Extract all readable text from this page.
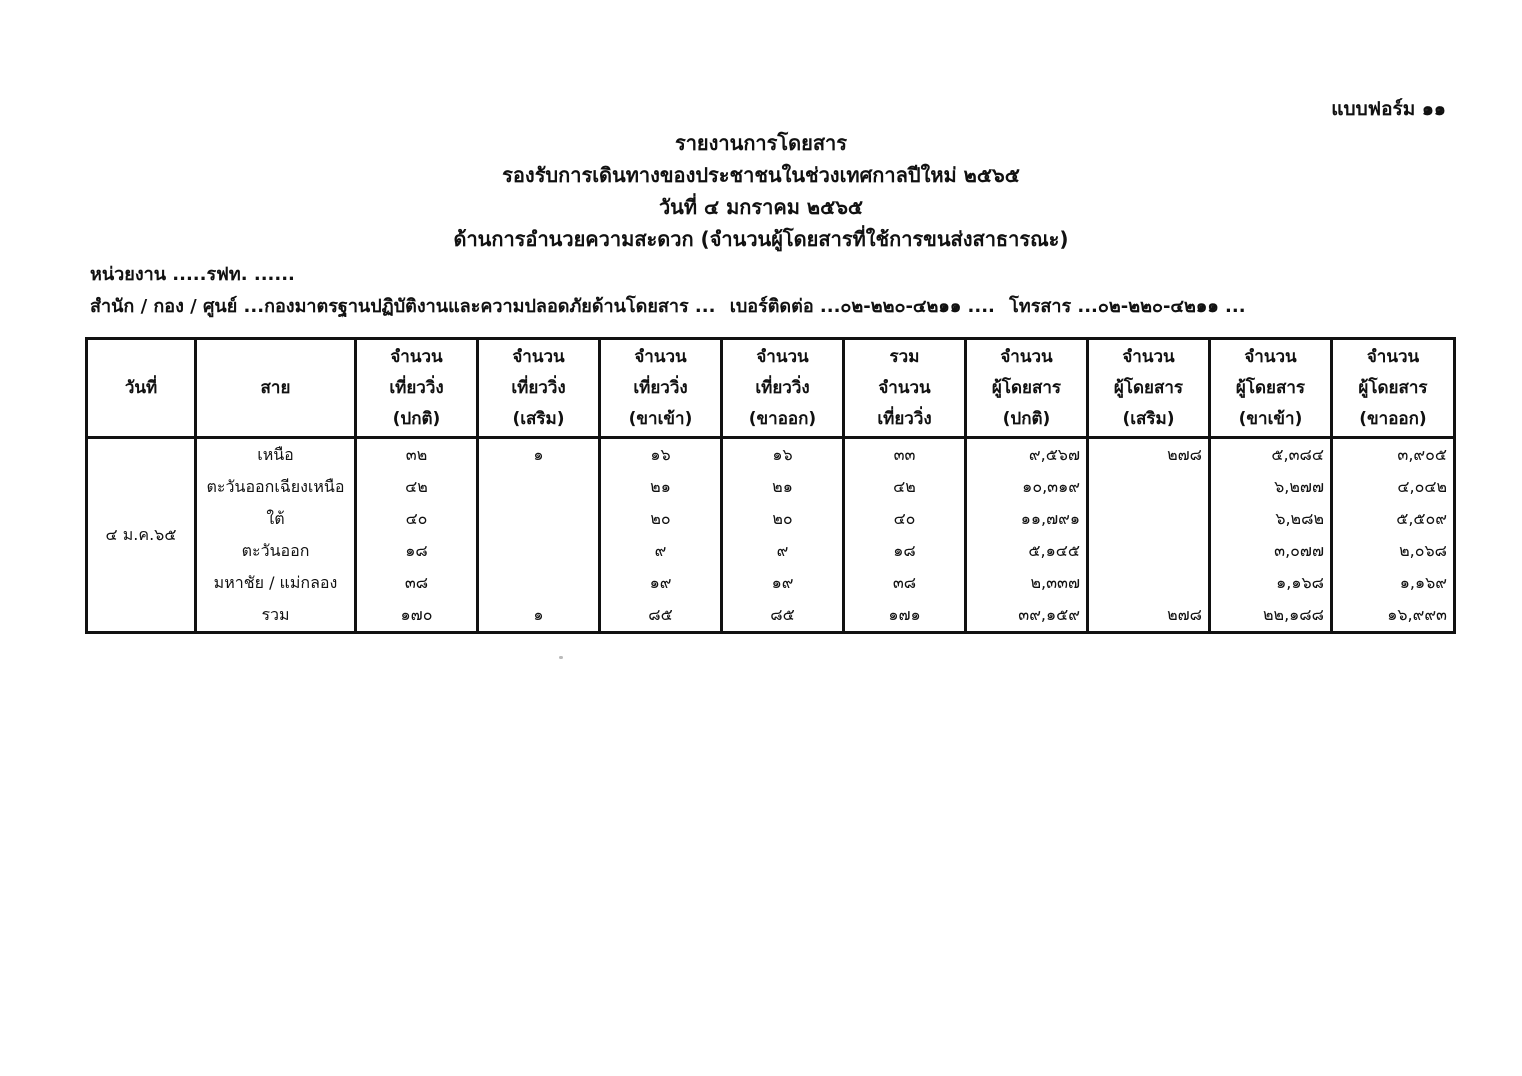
แบบฟอร์ม ๑๑
รายงานการโดยสาร
รองรับการเดินทางของประชาชนในช่วงเทศกาลปีใหม่ ๒๕๖๕
วันที่ ๔ มกราคม ๒๕๖๕
ด้านการอำนวยความสะดวก (จำนวนผู้โดยสารที่ใช้การขนส่งสาธารณะ)
หน่วยงาน .....รฟท. ......
สำนัก / กอง / ศูนย์ ...กองมาตรฐานปฏิบัติงานและความปลอดภัยด้านโดยสาร ... เบอร์ติดต่อ ...๐๒-๒๒๐-๔๒๑๑ .... โทรสาร ...๐๒-๒๒๐-๔๒๑๑ ...
วันที่	สาย	จำนวน
เที่ยววิ่ง
(ปกติ)	จำนวน
เที่ยววิ่ง
(เสริม)	จำนวน
เที่ยววิ่ง
(ขาเข้า)	จำนวน
เที่ยววิ่ง
(ขาออก)	รวม
จำนวน
เที่ยววิ่ง	จำนวน
ผู้โดยสาร
(ปกติ)	จำนวน
ผู้โดยสาร
(เสริม)	จำนวน
ผู้โดยสาร
(ขาเข้า)	จำนวน
ผู้โดยสาร
(ขาออก)

๔ ม.ค.๖๕	เหนือ	๓๒	๑	๑๖	๑๖	๓๓	๙,๕๖๗	๒๗๘	๕,๓๘๔	๓,๙๐๕
	ตะวันออกเฉียงเหนือ	๔๒		๒๑	๒๑	๔๒	๑๐,๓๑๙		๖,๒๗๗	๔,๐๔๒
	ใต้	๔๐		๒๐	๒๐	๔๐	๑๑,๗๙๑		๖,๒๘๒	๕,๕๐๙
	ตะวันออก	๑๘		๙	๙	๑๘	๕,๑๔๕		๓,๐๗๗	๒,๐๖๘
	มหาชัย / แม่กลอง	๓๘		๑๙	๑๙	๓๘	๒,๓๓๗		๑,๑๖๘	๑,๑๖๙
	รวม	๑๗๐	๑	๘๕	๘๕	๑๗๑	๓๙,๑๕๙	๒๗๘	๒๒,๑๘๘	๑๖,๙๙๓
